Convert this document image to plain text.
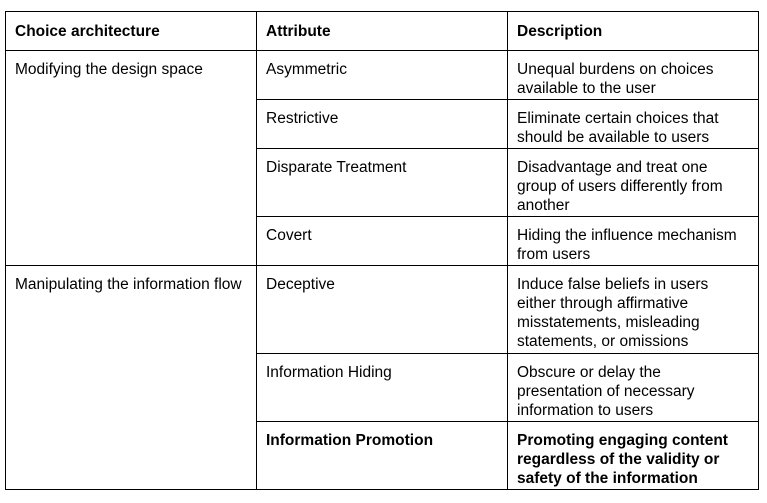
Choice architecture	Attribute	Description
Modifying the design space	Asymmetric	Unequal burdens on choices available to the user
	Restrictive	Eliminate certain choices that should be available to users
	Disparate Treatment	Disadvantage and treat one group of users differently from another
	Covert	Hiding the influence mechanism from users
Manipulating the information flow	Deceptive	Induce false beliefs in users either through affirmative misstatements, misleading statements, or omissions
	Information Hiding	Obscure or delay the presentation of necessary information to users
	Information Promotion	Promoting engaging content regardless of the validity or safety of the information
